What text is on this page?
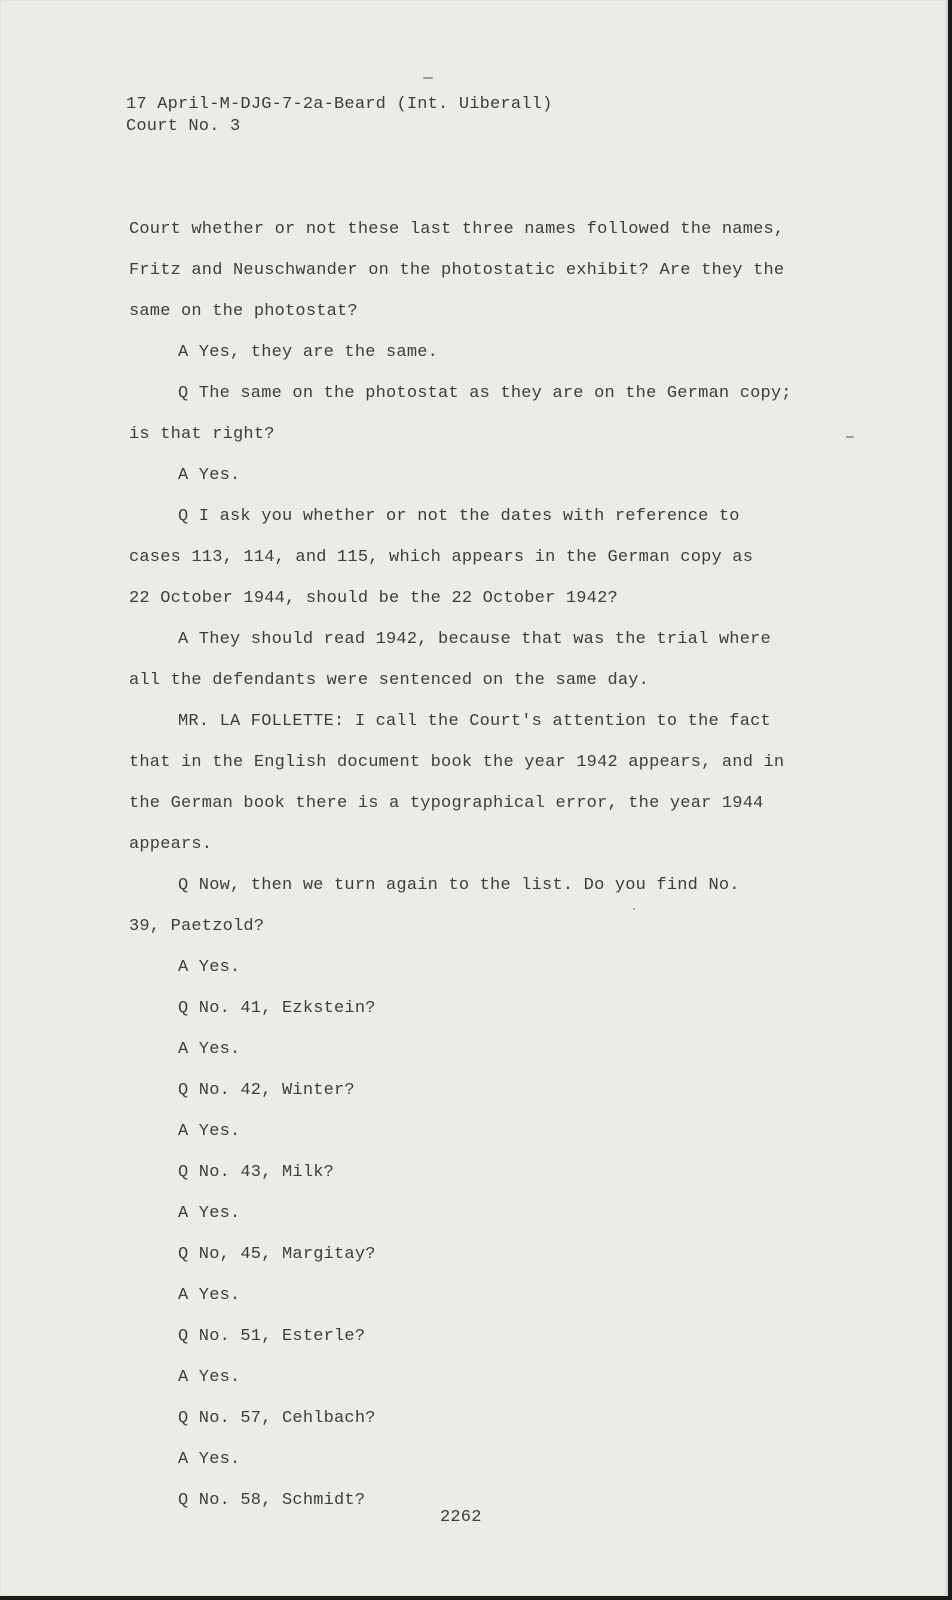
17 April-M-DJG-7-2a-Beard (Int. Uiberall)
Court No. 3

Court whether or not these last three names followed the names,

Fritz and Neuschwander on the photostatic exhibit? Are they the

same on the photostat?

A Yes, they are the same.

Q The same on the photostat as they are on the German copy;

is that right?

A Yes.

Q I ask you whether or not the dates with reference to

cases 113, 114, and 115, which appears in the German copy as

22 October 1944, should be the 22 October 1942?

A They should read 1942, because that was the trial where

all the defendants were sentenced on the same day.

MR. LA FOLLETTE: I call the Court's attention to the fact

that in the English document book the year 1942 appears, and in

the German book there is a typographical error, the year 1944

appears.

Q Now, then we turn again to the list. Do you find No.

39, Paetzold?

A Yes.

Q No. 41, Ezkstein?

A Yes.

Q No. 42, Winter?

A Yes.

Q No. 43, Milk?

A Yes.

Q No, 45, Margitay?

A Yes.

Q No. 51, Esterle?

A Yes.

Q No. 57, Cehlbach?

A Yes.

Q No. 58, Schmidt?

2262
